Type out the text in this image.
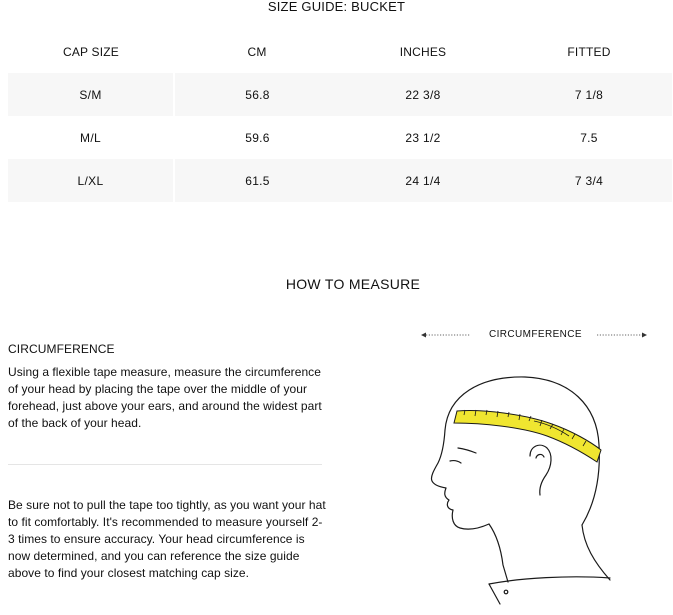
SIZE GUIDE: BUCKET
CAP SIZE	CM	INCHES	FITTED
S/M	56.8	22 3/8	7 1/8
M/L	59.6	23 1/2	7.5
L/XL	61.5	24 1/4	7 3/4
HOW TO MEASURE
CIRCUMFERENCE

Using a flexible tape measure, measure the circumference of your head by placing the tape over the middle of your forehead, just above your ears, and around the widest part of the back of your head.

Be sure not to pull the tape too tightly, as you want your hat to fit comfortably. It's recommended to measure yourself 2-3 times to ensure accuracy. Your head circumference is now determined, and you can reference the size guide above to find your closest matching cap size.

CIRCUMFERENCE
